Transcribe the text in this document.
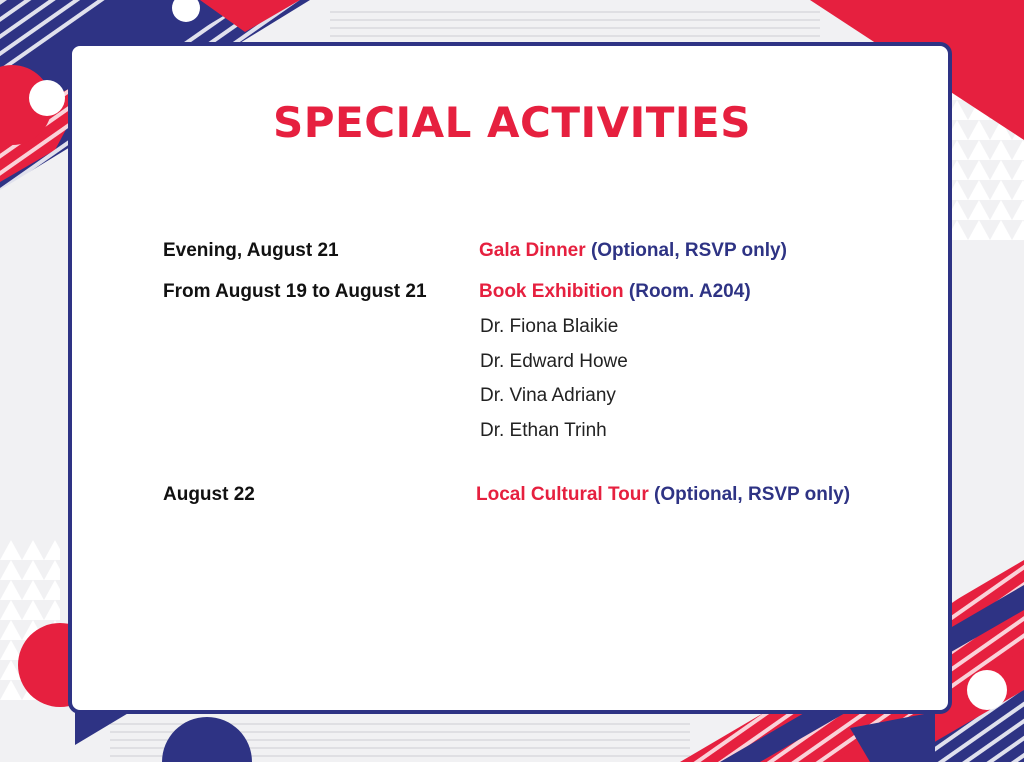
SPECIAL ACTIVITIES
Evening, August 21	Gala Dinner (Optional, RSVP only)
From August 19 to August 21	Book Exhibition (Room. A204)
Dr. Fiona Blaikie
Dr. Edward Howe
Dr. Vina Adriany
Dr. Ethan Trinh
August 22	Local Cultural Tour (Optional, RSVP only)
